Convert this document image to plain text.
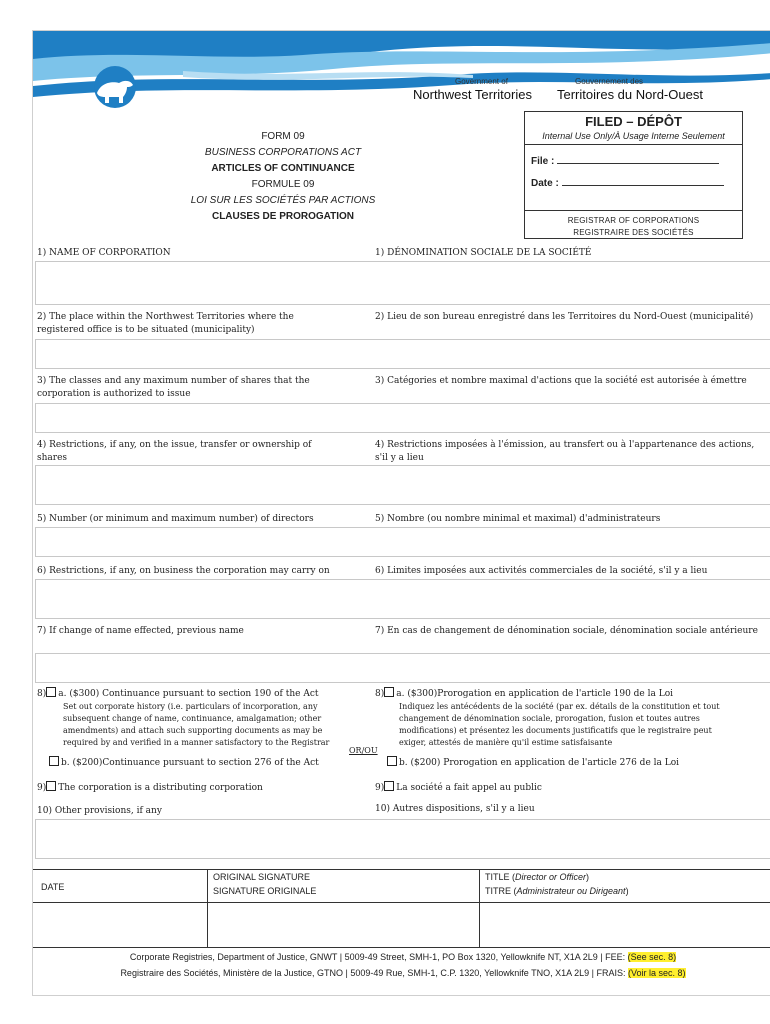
Government of	Gouvernement des
Northwest Territories Territoires du Nord-Ouest
FORM 09
BUSINESS CORPORATIONS ACT
ARTICLES OF CONTINUANCE
FORMULE 09
LOI SUR LES SOCIÉTÉS PAR ACTIONS
CLAUSES DE PROROGATION
FILED – DÉPÔT
Internal Use Only/À Usage Interne Seulement
File :
Date :
REGISTRAR OF CORPORATIONS
REGISTRAIRE DES SOCIÉTÉS
1) NAME OF CORPORATION	1) DÉNOMINATION SOCIALE DE LA SOCIÉTÉ
2) The place within the Northwest Territories where the registered office is to be situated (municipality)
2) Lieu de son bureau enregistré dans les Territoires du Nord-Ouest (municipalité)
3) The classes and any maximum number of shares that the corporation is authorized to issue
3) Catégories et nombre maximal d'actions que la société est autorisée à émettre
4) Restrictions, if any, on the issue, transfer or ownership of shares
4) Restrictions imposées à l'émission, au transfert ou à l'appartenance des actions, s'il y a lieu
5) Number (or minimum and maximum number) of directors	5) Nombre (ou nombre minimal et maximal) d'administrateurs
6) Restrictions, if any, on business the corporation may carry on	6) Limites imposées aux activités commerciales de la société, s'il y a lieu
7) If change of name effected, previous name	7) En cas de changement de dénomination sociale, dénomination sociale antérieure
8) a. ($300) Continuance pursuant to section 190 of the Act
Set out corporate history (i.e. particulars of incorporation, any subsequent change of name, continuance, amalgamation; other amendments) and attach such supporting documents as may be required by and verified in a manner satisfactory to the Registrar
b. ($200)Continuance pursuant to section 276 of the Act
OR/OU
8) a. ($300)Prorogation en application de l'article 190 de la Loi
Indiquez les antécédents de la société (par ex. détails de la constitution et tout changement de dénomination sociale, prorogation, fusion et toutes autres modifications) et présentez les documents justificatifs que le registraire peut exiger, attestés de manière qu'il estime satisfaisante
b. ($200) Prorogation en application de l'article 276 de la Loi
9) The corporation is a distributing corporation	9) La société a fait appel au public
10) Other provisions, if any	10) Autres dispositions, s'il y a lieu
DATE
ORIGINAL SIGNATURE
SIGNATURE ORIGINALE
TITLE (Director or Officer)
TITRE (Administrateur ou Dirigeant)
Corporate Registries, Department of Justice, GNWT | 5009-49 Street, SMH-1, PO Box 1320, Yellowknife NT, X1A 2L9 | FEE: (See sec. 8)
Registraire des Sociétés, Ministère de la Justice, GTNO | 5009-49 Rue, SMH-1, C.P. 1320, Yellowknife TNO, X1A 2L9 | FRAIS: (Voir la sec. 8)
